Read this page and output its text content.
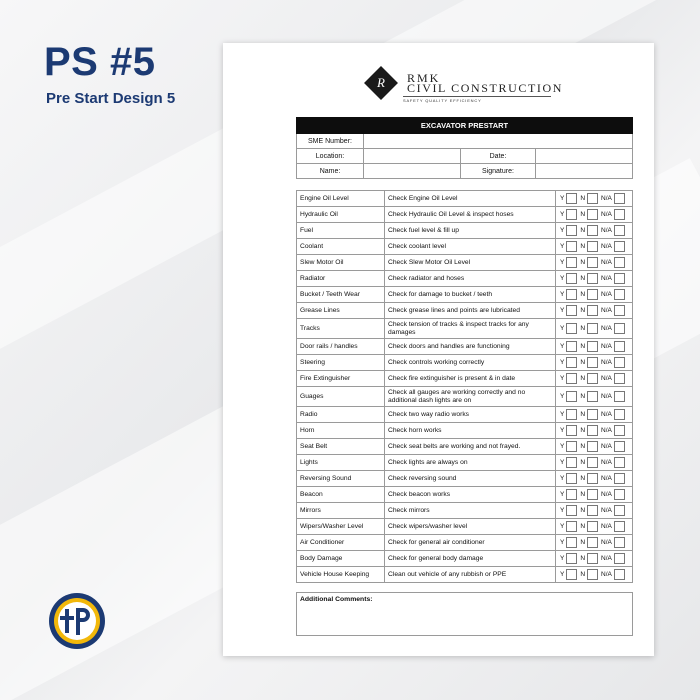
PS #5
Pre Start Design 5
R	RMK
CIVIL CONSTRUCTION
SAFETY QUALITY EFFICIENCY
EXCAVATOR PRESTART			
SME Number:			
Location:		Date:	
Name:		Signature:	
Engine Oil Level	Check Engine Oil Level	Y N N/A

Hydraulic Oil	Check Hydraulic Oil Level & inspect hoses	Y N N/A

Fuel	Check fuel level & fill up	Y N N/A

Coolant	Check coolant level	Y N N/A

Slew Motor Oil	Check Slew Motor Oil Level	Y N N/A

Radiator	Check radiator and hoses	Y N N/A

Bucket / Teeth Wear	Check for damage to bucket / teeth	Y N N/A

Grease Lines	Check grease lines and points are lubricated	Y N N/A

Tracks	Check tension of tracks & inspect tracks for any damages	Y N N/A

Door rails / handles	Check doors and handles are functioning	Y N N/A

Steering	Check controls working correctly	Y N N/A

Fire Extinguisher	Check fire extinguisher is present & in date	Y N N/A

Guages	Check all gauges are working correctly and no additional dash lights are on	Y N N/A

Radio	Check two way radio works	Y N N/A

Horn	Check horn works	Y N N/A

Seat Belt	Check seat belts are working and not frayed.	Y N N/A

Lights	Check lights are always on	Y N N/A

Reversing Sound	Check reversing sound	Y N N/A

Beacon	Check beacon works	Y N N/A

Mirrors	Check mirrors	Y N N/A

Wipers/Washer Level	Check wipers/washer level	Y N N/A

Air Conditioner	Check for general air conditioner	Y N N/A

Body Damage	Check for general body damage	Y N N/A

Vehicle House Keeping	Clean out vehicle of any rubbish or PPE	Y N N/A
Additional Comments:
